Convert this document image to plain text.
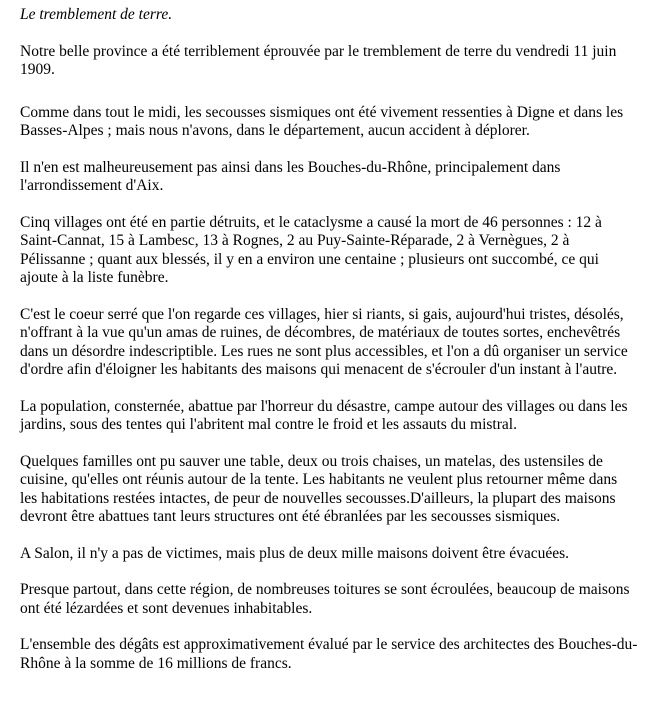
Le tremblement de terre.

Notre belle province a été terriblement éprouvée par le tremblement de terre du vendredi 11 juin 1909.

Comme dans tout le midi, les secousses sismiques ont été vivement ressenties à Digne et dans les Basses-Alpes ; mais nous n'avons, dans le département, aucun accident à déplorer.

Il n'en est malheureusement pas ainsi dans les Bouches-du-Rhône, principalement dans l'arrondissement d'Aix.

Cinq villages ont été en partie détruits, et le cataclysme a causé la mort de 46 personnes : 12 à Saint-Cannat, 15 à Lambesc, 13 à Rognes, 2 au Puy-Sainte-Réparade, 2 à Vernègues, 2 à Pélissanne ; quant aux blessés, il y en a environ une centaine ; plusieurs ont succombé, ce qui ajoute à la liste funèbre.

C'est le coeur serré que l'on regarde ces villages, hier si riants, si gais, aujourd'hui tristes, désolés, n'offrant à la vue qu'un amas de ruines, de décombres, de matériaux de toutes sortes, enchevêtrés dans un désordre indescriptible. Les rues ne sont plus accessibles, et l'on a dû organiser un service d'ordre afin d'éloigner les habitants des maisons qui menacent de s'écrouler d'un instant à l'autre.

La population, consternée, abattue par l'horreur du désastre, campe autour des villages ou dans les jardins, sous des tentes qui l'abritent mal contre le froid et les assauts du mistral.

Quelques familles ont pu sauver une table, deux ou trois chaises, un matelas, des ustensiles de cuisine, qu'elles ont réunis autour de la tente. Les habitants ne veulent plus retourner même dans les habitations restées intactes, de peur de nouvelles secousses.D'ailleurs, la plupart des maisons devront être abattues tant leurs structures ont été ébranlées par les secousses sismiques.

A Salon, il n'y a pas de victimes, mais plus de deux mille maisons doivent être évacuées.

Presque partout, dans cette région, de nombreuses toitures se sont écroulées, beaucoup de maisons ont été lézardées et sont devenues inhabitables.

L'ensemble des dégâts est approximativement évalué par le service des architectes des Bouches-du-Rhône à la somme de 16 millions de francs.
